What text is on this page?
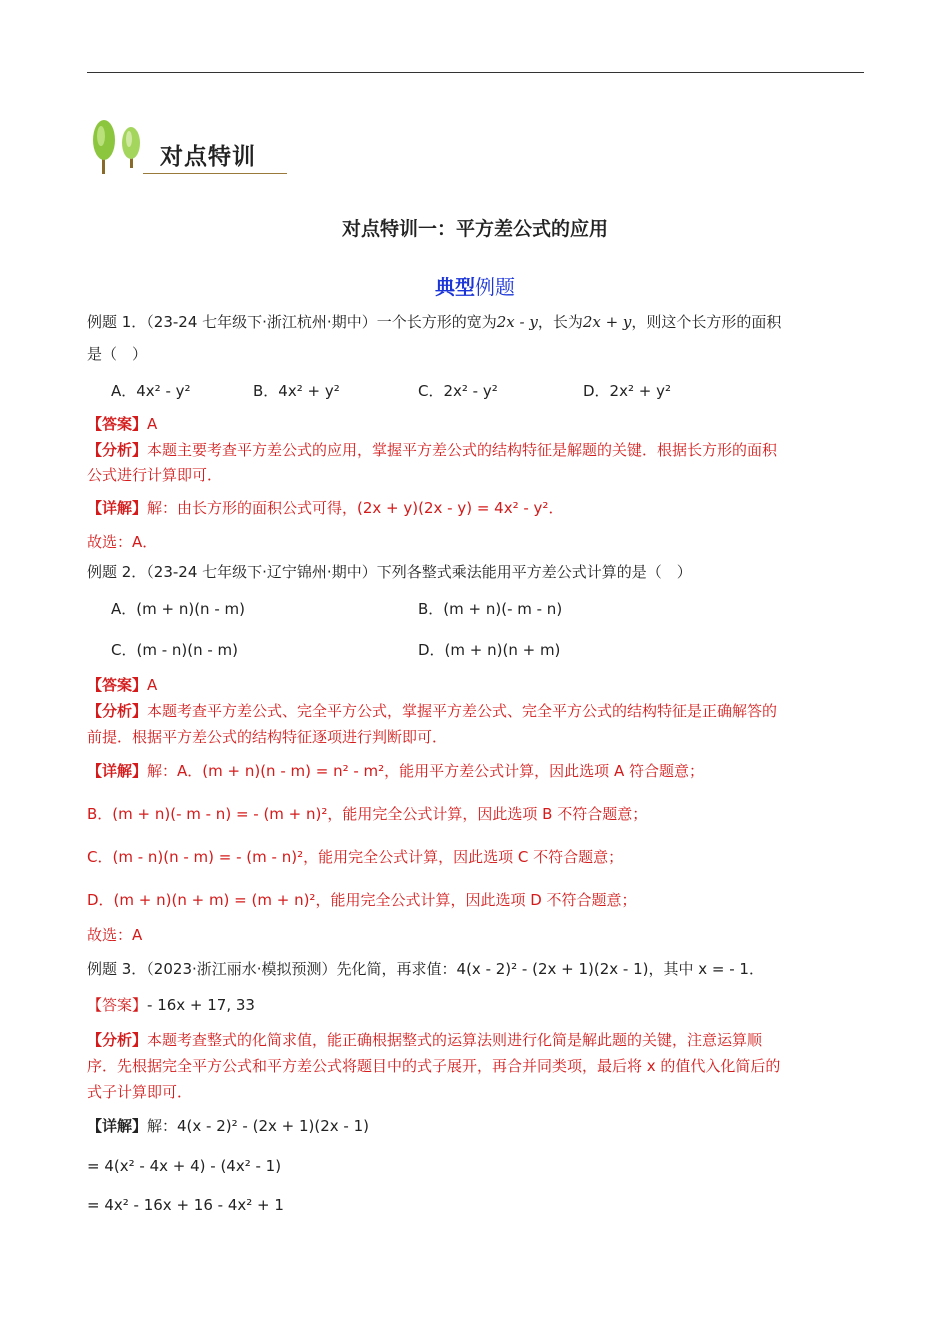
对点特训
对点特训一：平方差公式的应用
典型例题
例题 1．（23-24 七年级下·浙江杭州·期中）一个长方形的宽为2x - y，长为2x + y，则这个长方形的面积
是（　）
A．4x² - y²	B．4x² + y²	C．2x² - y²	D．2x² + y²
【答案】A
【分析】本题主要考查平方差公式的应用，掌握平方差公式的结构特征是解题的关键．根据长方形的面积
公式进行计算即可．
【详解】解：由长方形的面积公式可得，(2x + y)(2x - y) = 4x² - y²．
故选：A．
例题 2．（23-24 七年级下·辽宁锦州·期中）下列各整式乘法能用平方差公式计算的是（　）
A．(m + n)(n - m)	B．(m + n)(- m - n)
C．(m - n)(n - m)	D．(m + n)(n + m)
【答案】A
【分析】本题考查平方差公式、完全平方公式，掌握平方差公式、完全平方公式的结构特征是正确解答的
前提．根据平方差公式的结构特征逐项进行判断即可．
【详解】解：A．(m + n)(n - m) = n² - m²，能用平方差公式计算，因此选项 A 符合题意；
B．(m + n)(- m - n) = - (m + n)²，能用完全公式计算，因此选项 B 不符合题意；
C．(m - n)(n - m) = - (m - n)²，能用完全公式计算，因此选项 C 不符合题意；
D．(m + n)(n + m) = (m + n)²，能用完全公式计算，因此选项 D 不符合题意；
故选：A
例题 3．（2023·浙江丽水·模拟预测）先化简，再求值：4(x - 2)² - (2x + 1)(2x - 1)，其中 x = - 1．
【答案】- 16x + 17, 33
【分析】本题考查整式的化简求值，能正确根据整式的运算法则进行化简是解此题的关键，注意运算顺
序．先根据完全平方公式和平方差公式将题目中的式子展开，再合并同类项，最后将 x 的值代入化简后的
式子计算即可．
【详解】解：4(x - 2)² - (2x + 1)(2x - 1)
= 4(x² - 4x + 4) - (4x² - 1)
= 4x² - 16x + 16 - 4x² + 1
